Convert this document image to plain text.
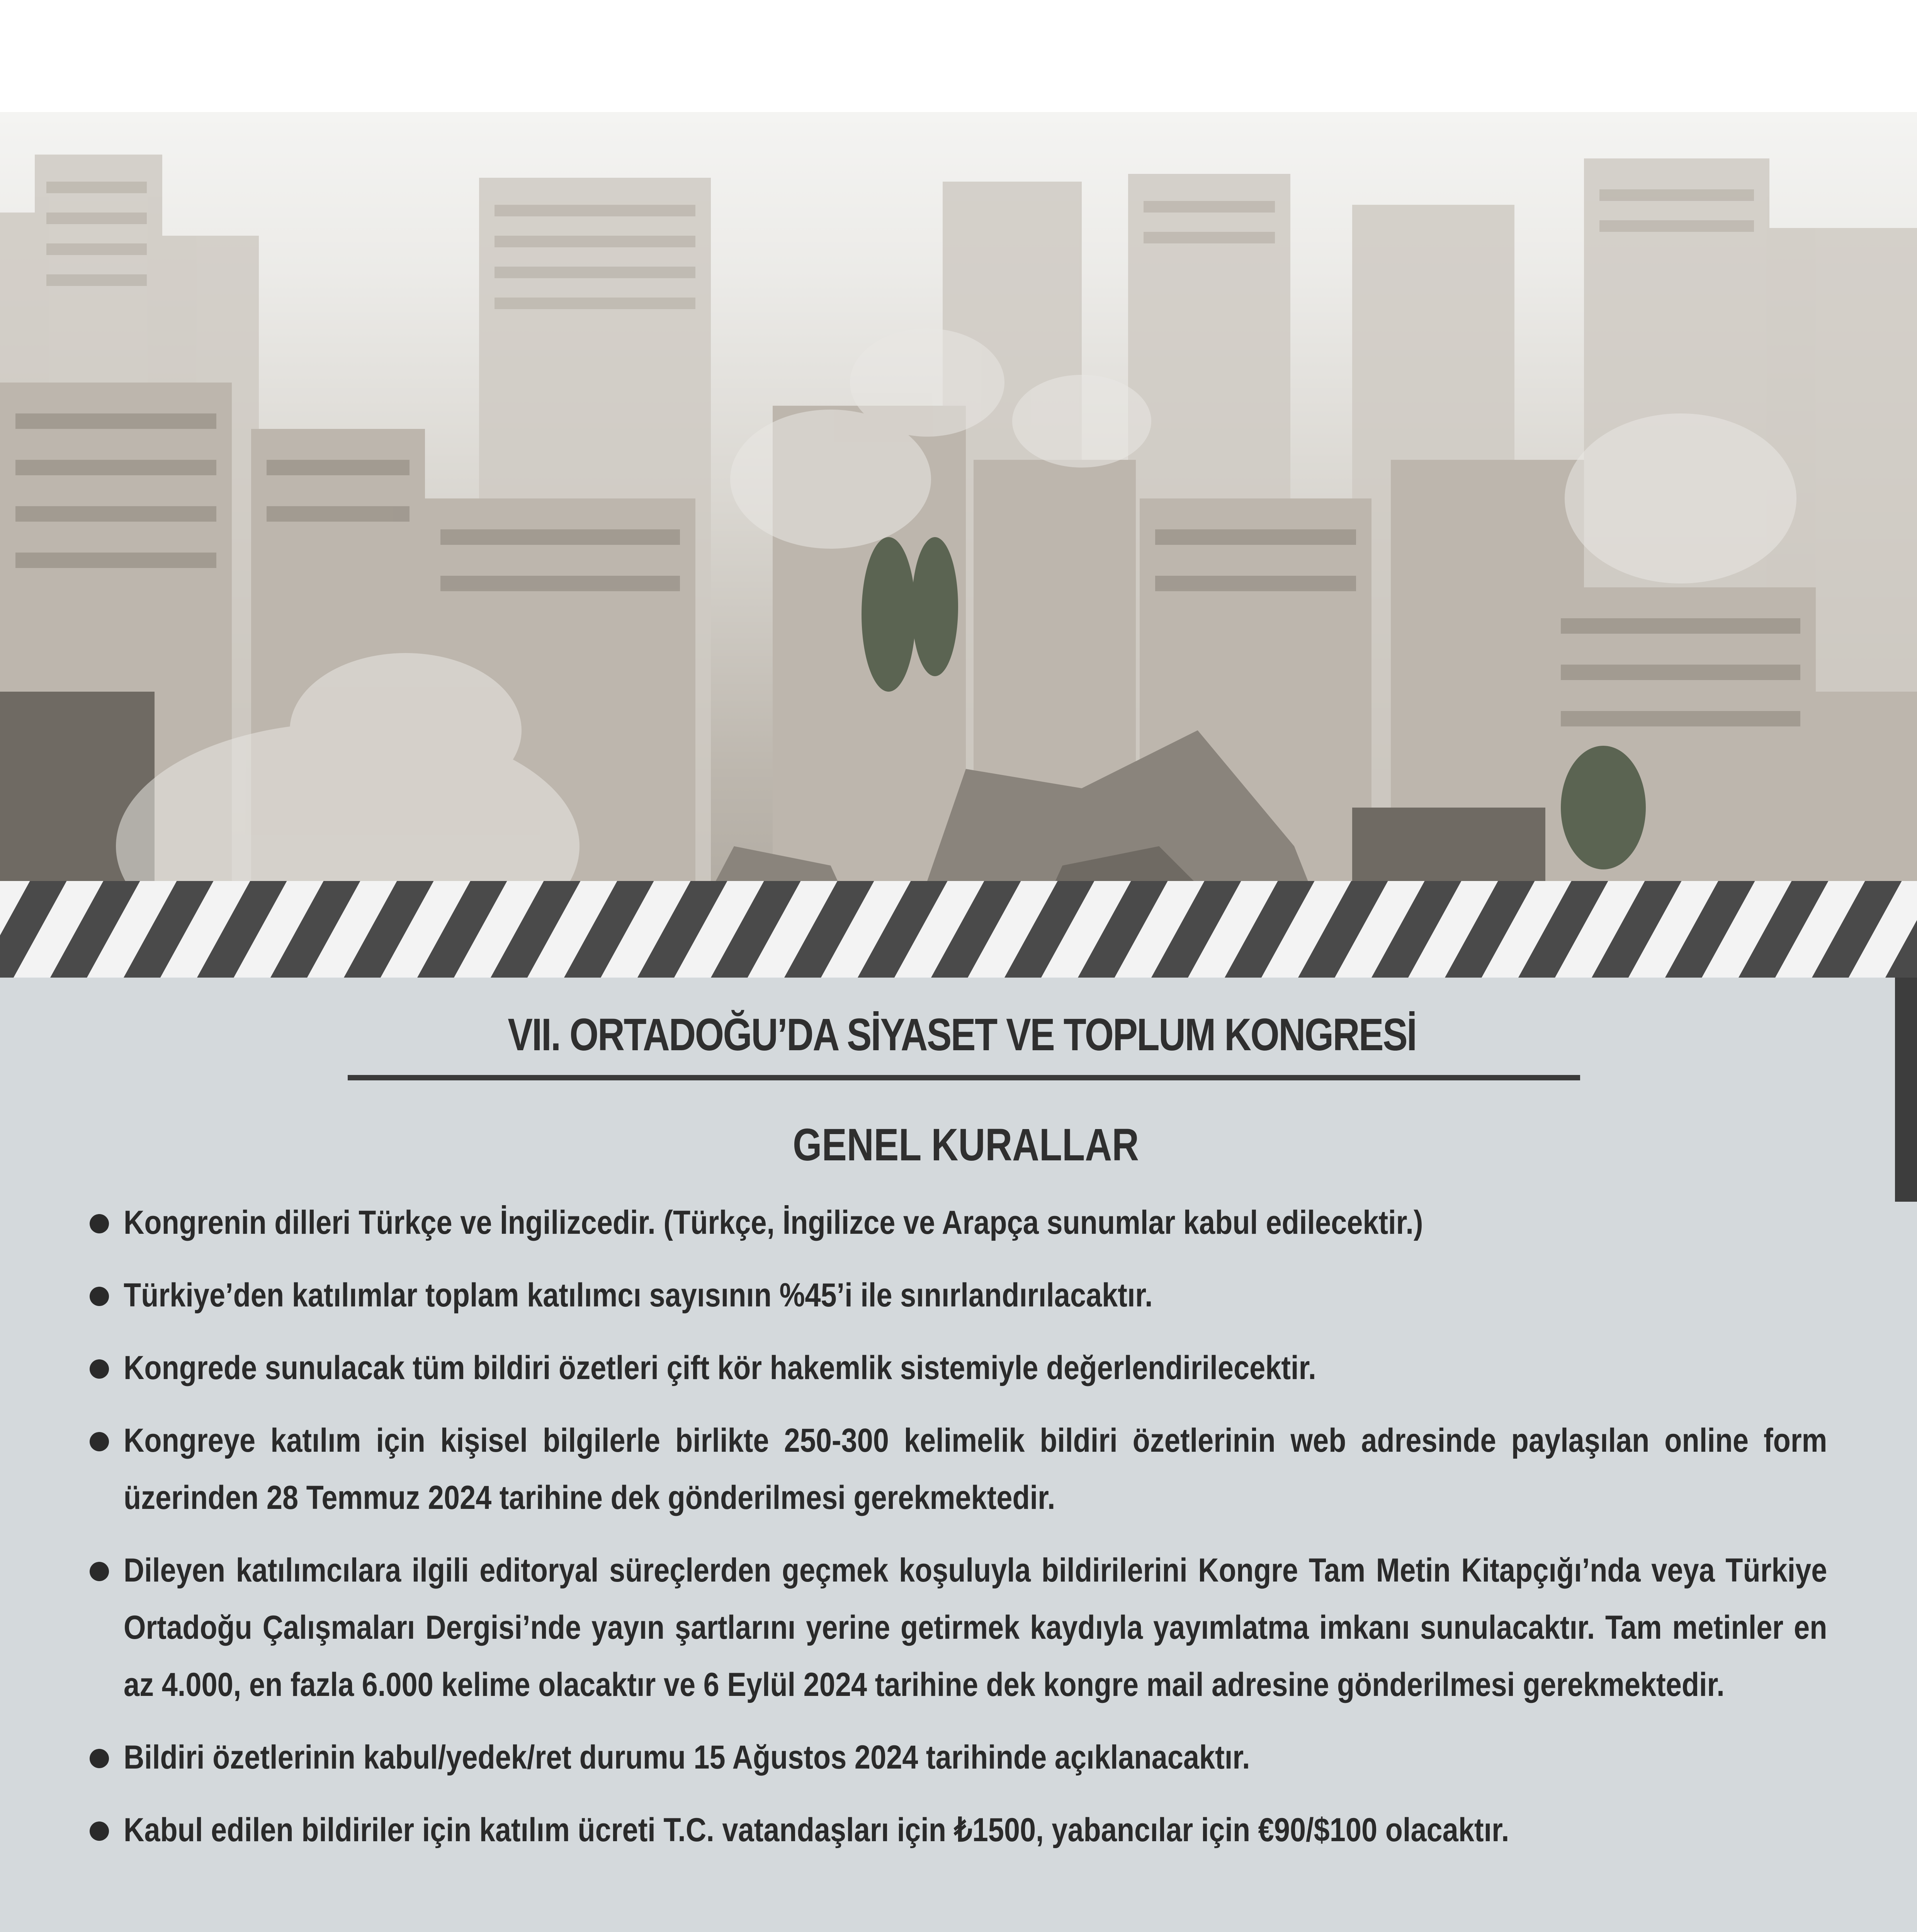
VII. ORTADOĞU’DA SİYASET VE TOPLUM KONGRESİ
GENEL KURALLAR
Kongrenin dilleri Türkçe ve İngilizcedir. (Türkçe, İngilizce ve Arapça sunumlar kabul edilecektir.)
Türkiye’den katılımlar toplam katılımcı sayısının %45’i ile sınırlandırılacaktır.
Kongrede sunulacak tüm bildiri özetleri çift kör hakemlik sistemiyle değerlendirilecektir.
Kongreye katılım için kişisel bilgilerle birlikte 250-300 kelimelik bildiri özetlerinin web adresinde paylaşılan online form üzerinden 28 Temmuz 2024 tarihine dek gönderilmesi gerekmektedir.
Dileyen katılımcılara ilgili editoryal süreçlerden geçmek koşuluyla bildirilerini Kongre Tam Metin Kitapçığı’nda veya Türkiye Ortadoğu Çalışmaları Dergisi’nde yayın şartlarını yerine getirmek kaydıyla yayımlatma imkanı sunulacaktır. Tam metinler en az 4.000, en fazla 6.000 kelime olacaktır ve 6 Eylül 2024 tarihine dek kongre mail adresine gönderilmesi gerekmektedir.
Bildiri özetlerinin kabul/yedek/ret durumu 15 Ağustos 2024 tarihinde açıklanacaktır.
Kabul edilen bildiriler için katılım ücreti T.C. vatandaşları için ₺1500, yabancılar için €90/$100 olacaktır.
